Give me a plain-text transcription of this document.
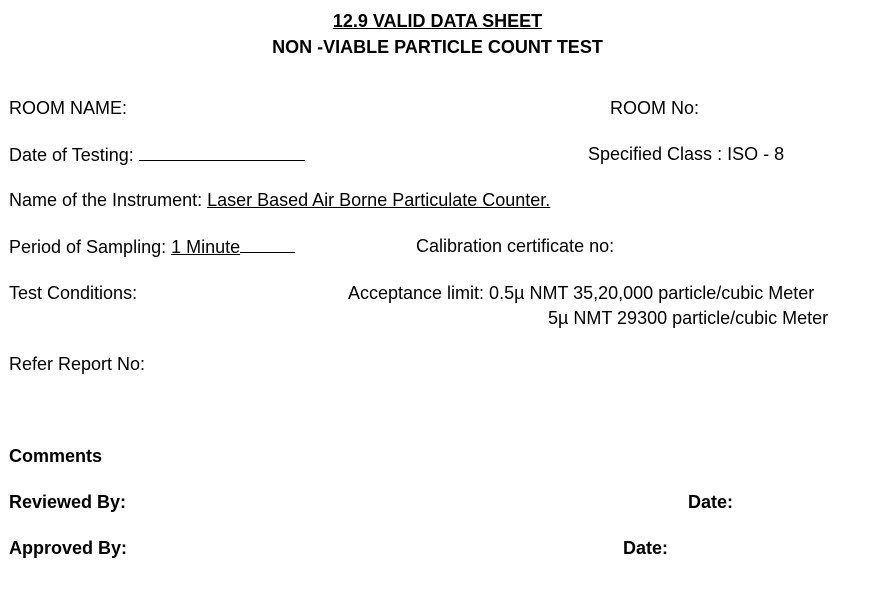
12.9 VALID DATA SHEET
NON -VIABLE PARTICLE COUNT TEST
ROOM NAME:	ROOM No:
Date of Testing:	Specified Class : ISO - 8
Name of the Instrument: Laser Based Air Borne Particulate Counter.
Period of Sampling: 1 Minute	Calibration certificate no:
Test Conditions:	Acceptance limit: 0.5µ NMT 35,20,000 particle/cubic Meter
5µ NMT 29300 particle/cubic Meter
Refer Report No:
Comments
Reviewed By:	Date:
Approved By:	Date:
